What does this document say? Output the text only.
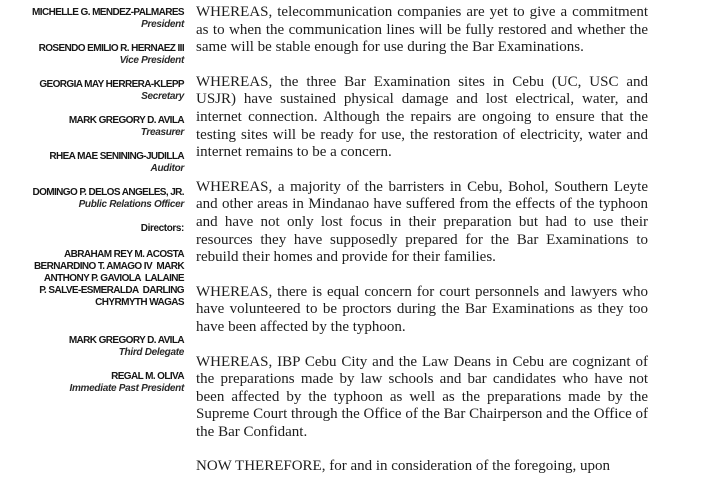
MICHELLE G. MENDEZ-PALMARES
President
ROSENDO EMILIO R. HERNAEZ III
Vice President
GEORGIA MAY HERRERA-KLEPP
Secretary
MARK GREGORY D. AVILA
Treasurer
RHEA MAE SENINING-JUDILLA
Auditor
DOMINGO P. DELOS ANGELES, JR.
Public Relations Officer
Directors:
ABRAHAM REY M. ACOSTA
BERNARDINO T. AMAGO IV  MARK
ANTHONY P. GAVIOLA  LALAINE
P. SALVE-ESMERALDA  DARLING
CHYRMYTH WAGAS
MARK GREGORY D. AVILA
Third Delegate
REGAL M. OLIVA
Immediate Past President

WHEREAS, telecommunication companies are yet to give a commitment as to when the communication lines will be fully restored and whether the same will be stable enough for use during the Bar Examinations.

WHEREAS, the three Bar Examination sites in Cebu (UC, USC and USJR) have sustained physical damage and lost electrical, water, and internet connection. Although the repairs are ongoing to ensure that the testing sites will be ready for use, the restoration of electricity, water and internet remains to be a concern.

WHEREAS, a majority of the barristers in Cebu, Bohol, Southern Leyte and other areas in Mindanao have suffered from the effects of the typhoon and have not only lost focus in their preparation but had to use their resources they have supposedly prepared for the Bar Examinations to rebuild their homes and provide for their families.

WHEREAS, there is equal concern for court personnels and lawyers who have volunteered to be proctors during the Bar Examinations as they too have been affected by the typhoon.

WHEREAS, IBP Cebu City and the Law Deans in Cebu are cognizant of the preparations made by law schools and bar candidates who have not been affected by the typhoon as well as the preparations made by the Supreme Court through the Office of the Bar Chairperson and the Office of the Bar Confidant.

NOW THEREFORE, for and in consideration of the foregoing, upon
